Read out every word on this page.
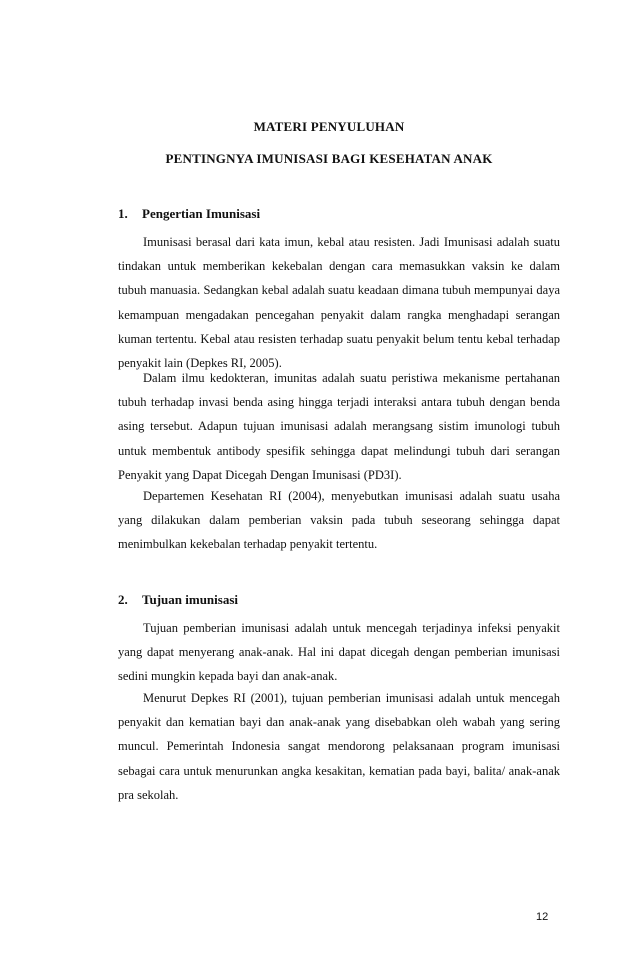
MATERI PENYULUHAN
PENTINGNYA IMUNISASI BAGI KESEHATAN ANAK
1. Pengertian Imunisasi

Imunisasi berasal dari kata imun, kebal atau resisten. Jadi Imunisasi adalah suatu tindakan untuk memberikan kekebalan dengan cara memasukkan vaksin ke dalam tubuh manuasia. Sedangkan kebal adalah suatu keadaan dimana tubuh mempunyai daya kemampuan mengadakan pencegahan penyakit dalam rangka menghadapi serangan kuman tertentu. Kebal atau resisten terhadap suatu penyakit belum tentu kebal terhadap penyakit lain (Depkes RI, 2005).

Dalam ilmu kedokteran, imunitas adalah suatu peristiwa mekanisme pertahanan tubuh terhadap invasi benda asing hingga terjadi interaksi antara tubuh dengan benda asing tersebut. Adapun tujuan imunisasi adalah merangsang sistim imunologi tubuh untuk membentuk antibody spesifik sehingga dapat melindungi tubuh dari serangan Penyakit yang Dapat Dicegah Dengan Imunisasi (PD3I).

Departemen Kesehatan RI (2004), menyebutkan imunisasi adalah suatu usaha yang dilakukan dalam pemberian vaksin pada tubuh seseorang sehingga dapat menimbulkan kekebalan terhadap penyakit tertentu.

2. Tujuan imunisasi

Tujuan pemberian imunisasi adalah untuk mencegah terjadinya infeksi penyakit yang dapat menyerang anak-anak. Hal ini dapat dicegah dengan pemberian imunisasi sedini mungkin kepada bayi dan anak-anak.

Menurut Depkes RI (2001), tujuan pemberian imunisasi adalah untuk mencegah penyakit dan kematian bayi dan anak-anak yang disebabkan oleh wabah yang sering muncul. Pemerintah Indonesia sangat mendorong pelaksanaan program imunisasi sebagai cara untuk menurunkan angka kesakitan, kematian pada bayi, balita/ anak-anak pra sekolah.

12
